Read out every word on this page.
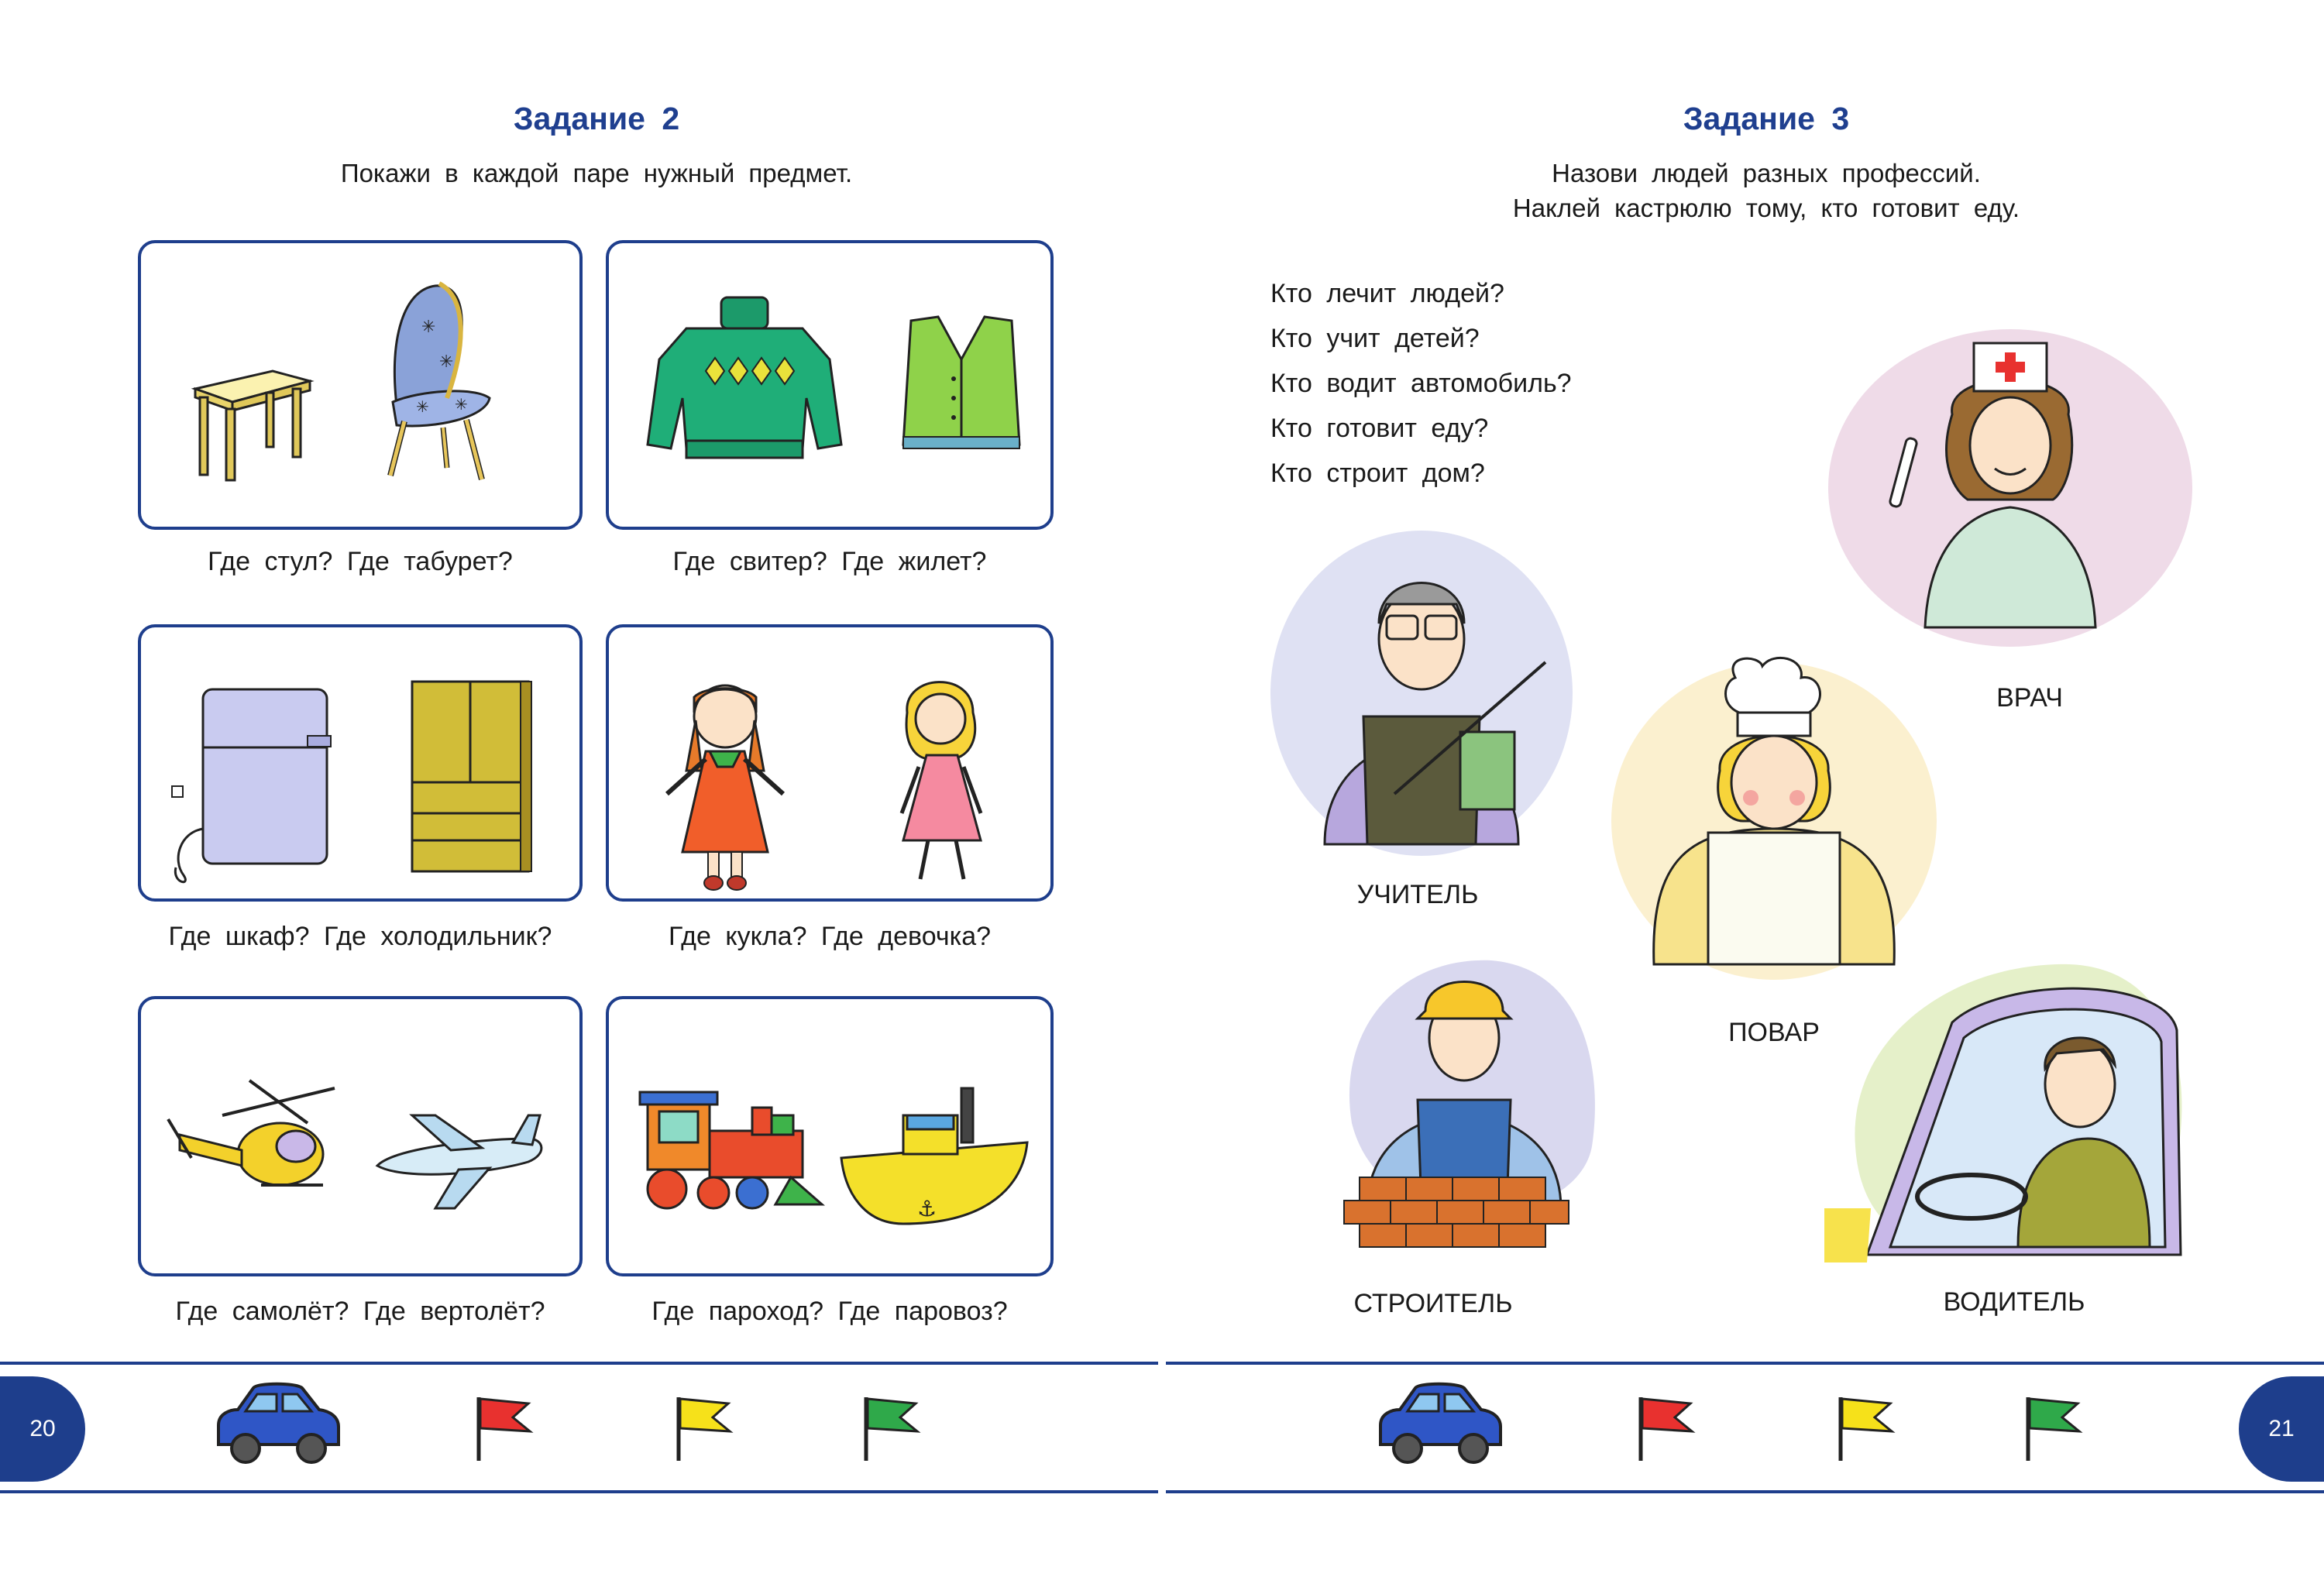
Задание 2
Покажи в каждой паре нужный предмет.
✳
✳
✳ ✳
Где стул? Где табурет?	Где свитер? Где жилет?
Где шкаф? Где холодильник?	Где кукла? Где девочка?
Где самолёт? Где вертолёт?
⚓
Где пароход? Где паровоз?
Задание 3
Назови людей разных профессий.
Наклей кастрюлю тому, кто готовит еду.
Кто лечит людей?
Кто учит детей?
Кто водит автомобиль?
Кто готовит еду?
Кто строит дом?
ВРАЧ
УЧИТЕЛЬ
ПОВАР
СТРОИТЕЛЬ	ВОДИТЕЛЬ
20	21
